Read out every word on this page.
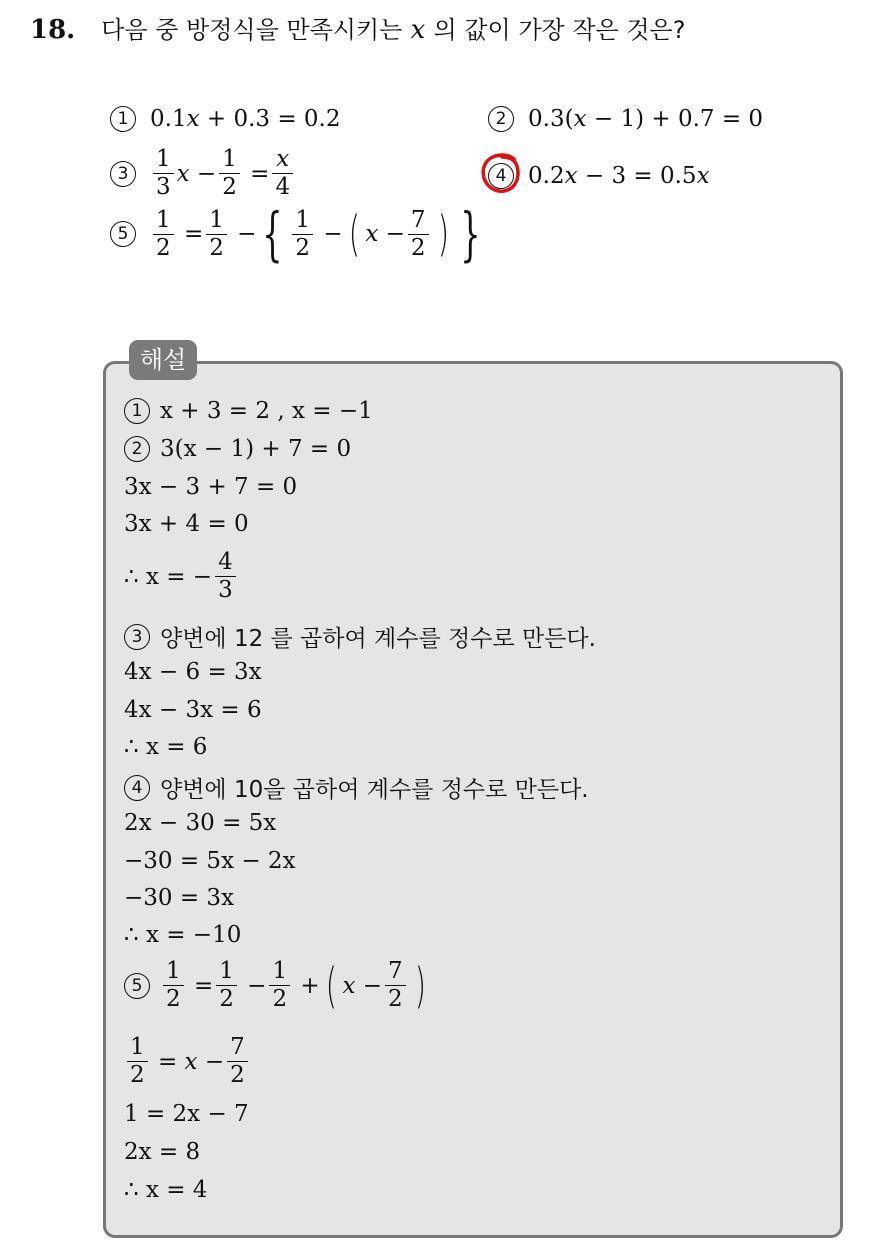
18. 다음 중 방정식을 만족시키는 x 의 값이 가장 작은 것은?
1 0.1x + 0.3 = 0.2	2 0.3(x − 1) + 0.7 = 0
3	$\frac{1}{3}$ $x - \frac{1}{2} = \frac{x}{4}$	4 0.2x − 3 = 0.5x
5	$\frac{1}{2} = \frac{1}{2}$ − { $\frac{1}{2}$ − ( $x - \frac{7}{2}$ ) }
해설
1 x + 3 = 2 , x = −1
2 3(x − 1) + 7 = 0
3x − 3 + 7 = 0
3x + 4 = 0
∴ x = − $\frac{4}{3}$
3 양변에 12 를 곱하여 계수를 정수로 만든다.
4x − 6 = 3x
4x − 3x = 6
∴ x = 6
4 양변에 10을 곱하여 계수를 정수로 만든다.
2x − 30 = 5x
−30 = 5x − 2x
−30 = 3x
∴ x = −10
$5 \frac{1}{2} = \frac{1}{2} - \frac{1}{2}$ + ( $x - \frac{7}{2}$ )
$\frac{1}{2} = x - \frac{7}{2}$
1 = 2x − 7
2x = 8
∴ x = 4
